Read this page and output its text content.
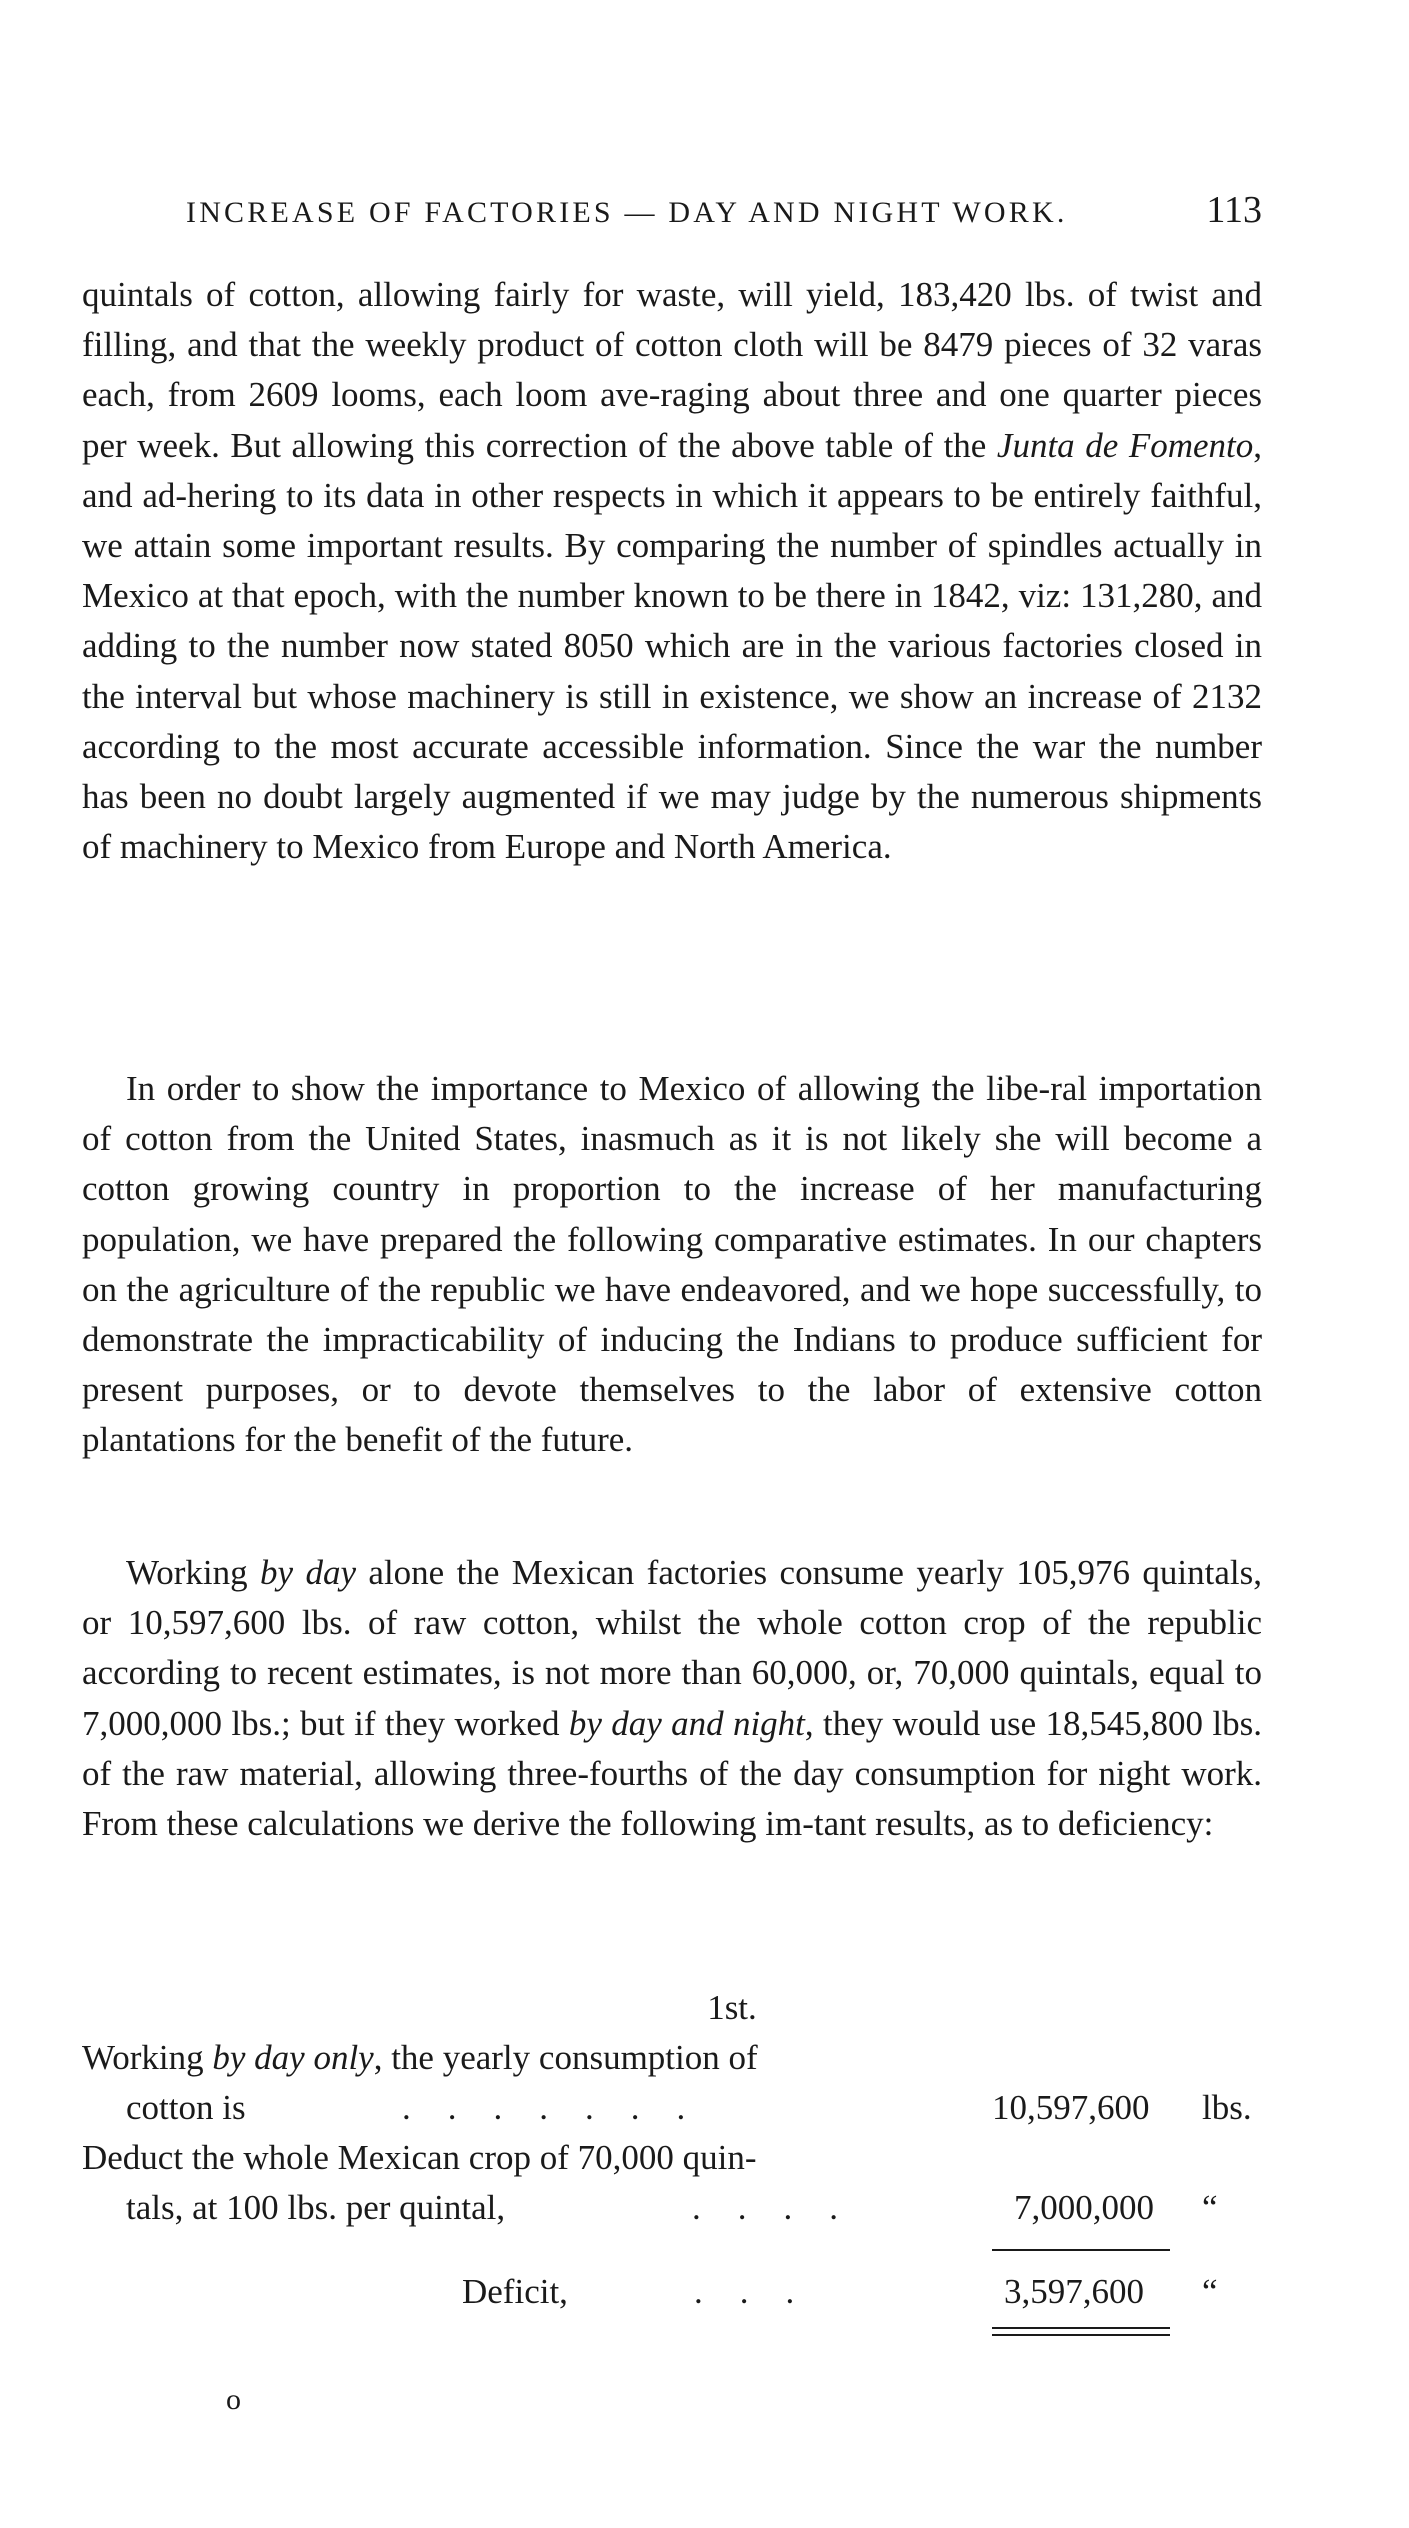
INCREASE OF FACTORIES — DAY AND NIGHT WORK.	113

quintals of cotton, allowing fairly for waste, will yield, 183,420 lbs. of twist and filling, and that the weekly product of cotton cloth will be 8479 pieces of 32 varas each, from 2609 looms, each loom ave-raging about three and one quarter pieces per week. But allowing this correction of the above table of the Junta de Fomento, and ad-hering to its data in other respects in which it appears to be entirely faithful, we attain some important results. By comparing the number of spindles actually in Mexico at that epoch, with the number known to be there in 1842, viz: 131,280, and adding to the number now stated 8050 which are in the various factories closed in the interval but whose machinery is still in existence, we show an increase of 2132 according to the most accurate accessible information. Since the war the number has been no doubt largely augmented if we may judge by the numerous shipments of machinery to Mexico from Europe and North America.

In order to show the importance to Mexico of allowing the libe-ral importation of cotton from the United States, inasmuch as it is not likely she will become a cotton growing country in proportion to the increase of her manufacturing population, we have prepared the following comparative estimates. In our chapters on the agriculture of the republic we have endeavored, and we hope successfully, to demonstrate the impracticability of inducing the Indians to produce sufficient for present purposes, or to devote themselves to the labor of extensive cotton plantations for the benefit of the future.

Working by day alone the Mexican factories consume yearly 105,976 quintals, or 10,597,600 lbs. of raw cotton, whilst the whole cotton crop of the republic according to recent estimates, is not more than 60,000, or, 70,000 quintals, equal to 7,000,000 lbs.; but if they worked by day and night, they would use 18,545,800 lbs. of the raw material, allowing three-fourths of the day consumption for night work. From these calculations we derive the following im-tant results, as to deficiency:

1st.
Working by day only, the yearly consumption of
cotton is	.......	10,597,600 lbs.
Deduct the whole Mexican crop of 70,000 quin-
tals, at 100 lbs. per quintal,	....	7,000,000 “
Deficit,	...	3,597,600 “
o
